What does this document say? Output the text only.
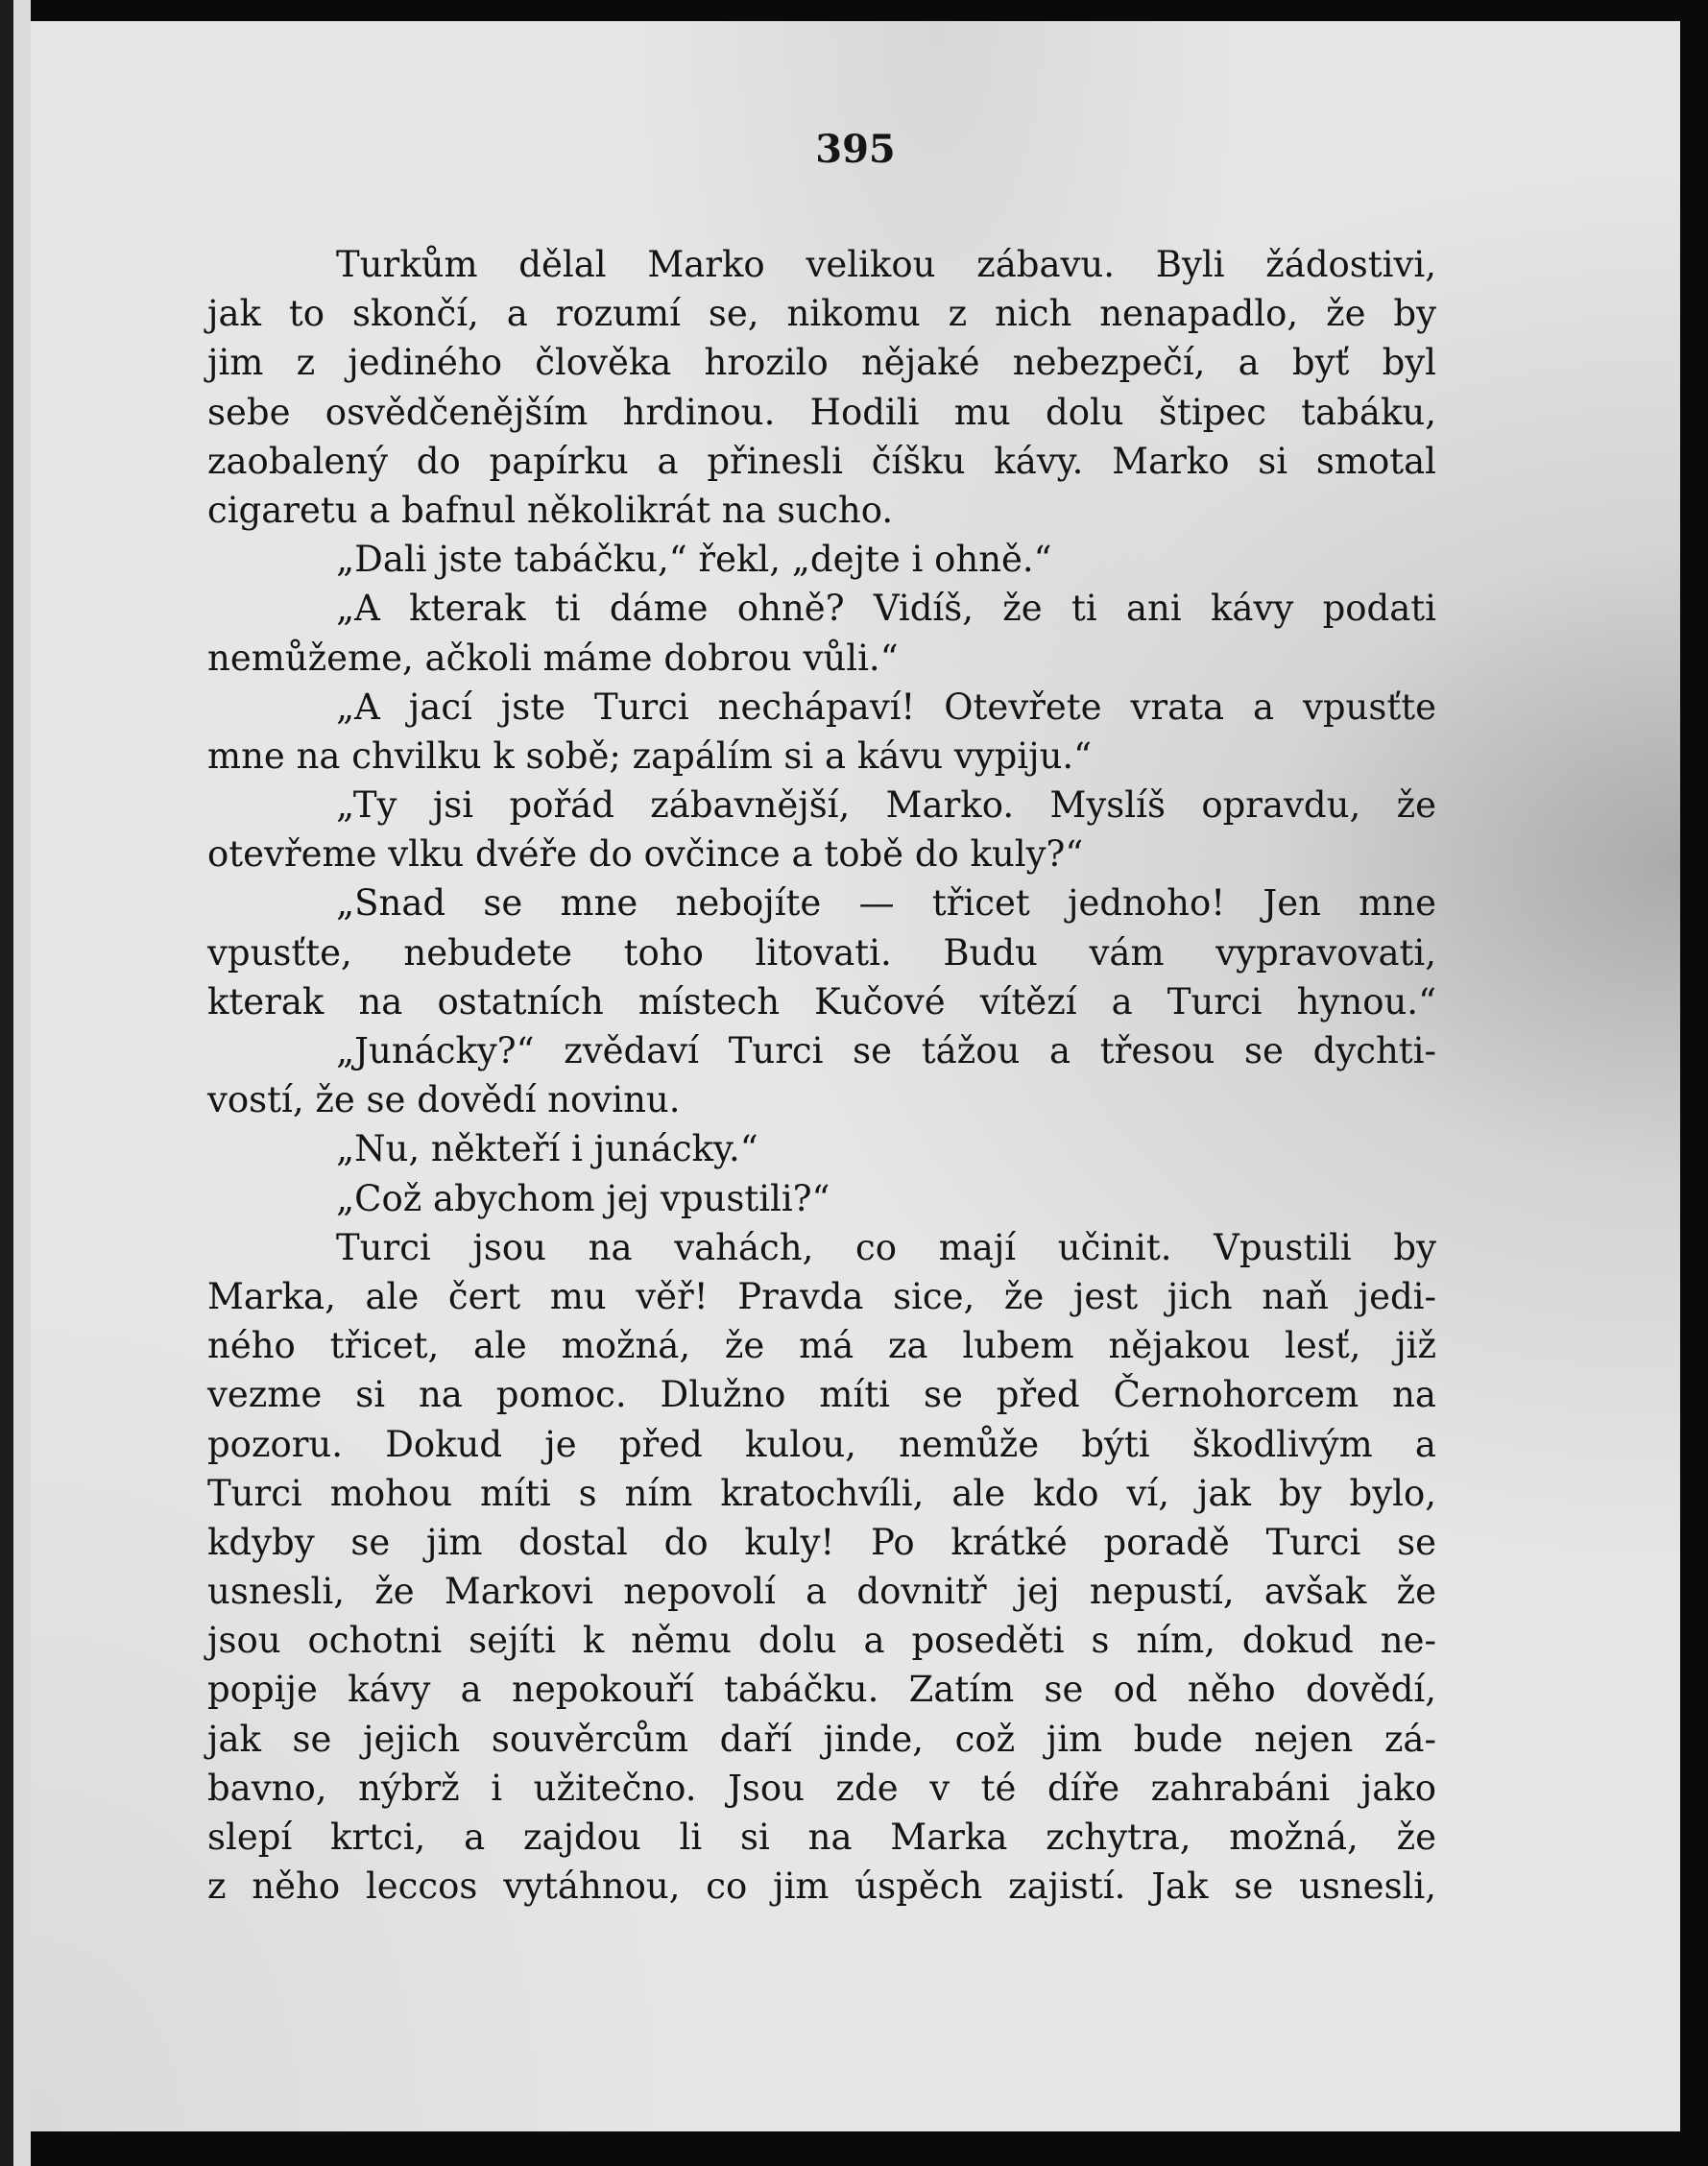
395
Turkům dělal Marko velikou zábavu. Byli žádostivi,
jak to skončí, a rozumí se, nikomu z nich nenapadlo, že by
jim z jediného člověka hrozilo nějaké nebezpečí, a byť byl
sebe osvědčenějším hrdinou. Hodili mu dolu štipec tabáku,
zaobalený do papírku a přinesli číšku kávy. Marko si smotal
cigaretu a bafnul několikrát na sucho.
„Dali jste tabáčku,“ řekl, „dejte i ohně.“
„A kterak ti dáme ohně? Vidíš, že ti ani kávy podati
nemůžeme, ačkoli máme dobrou vůli.“
„A jací jste Turci nechápaví! Otevřete vrata a vpusťte
mne na chvilku k sobě; zapálím si a kávu vypiju.“
„Ty jsi pořád zábavnější, Marko. Myslíš opravdu, že
otevřeme vlku dvéře do ovčince a tobě do kuly?“
„Snad se mne nebojíte — třicet jednoho! Jen mne
vpusťte, nebudete toho litovati. Budu vám vypravovati,
kterak na ostatních místech Kučové vítězí a Turci hynou.“
„Junácky?“ zvědaví Turci se tážou a třesou se dychti-
vostí, že se dovědí novinu.
„Nu, někteří i junácky.“
„Což abychom jej vpustili?“
Turci jsou na vahách, co mají učinit. Vpustili by
Marka, ale čert mu věř! Pravda sice, že jest jich naň jedi-
ného třicet, ale možná, že má za lubem nějakou lesť, již
vezme si na pomoc. Dlužno míti se před Černohorcem na
pozoru. Dokud je před kulou, nemůže býti škodlivým a
Turci mohou míti s ním kratochvíli, ale kdo ví, jak by bylo,
kdyby se jim dostal do kuly! Po krátké poradě Turci se
usnesli, že Markovi nepovolí a dovnitř jej nepustí, avšak že
jsou ochotni sejíti k němu dolu a poseděti s ním, dokud ne-
popije kávy a nepokouří tabáčku. Zatím se od něho dovědí,
jak se jejich souvěrcům daří jinde, což jim bude nejen zá-
bavno, nýbrž i užitečno. Jsou zde v té díře zahrabáni jako
slepí krtci, a zajdou li si na Marka zchytra, možná, že
z něho leccos vytáhnou, co jim úspěch zajistí. Jak se usnesli,
